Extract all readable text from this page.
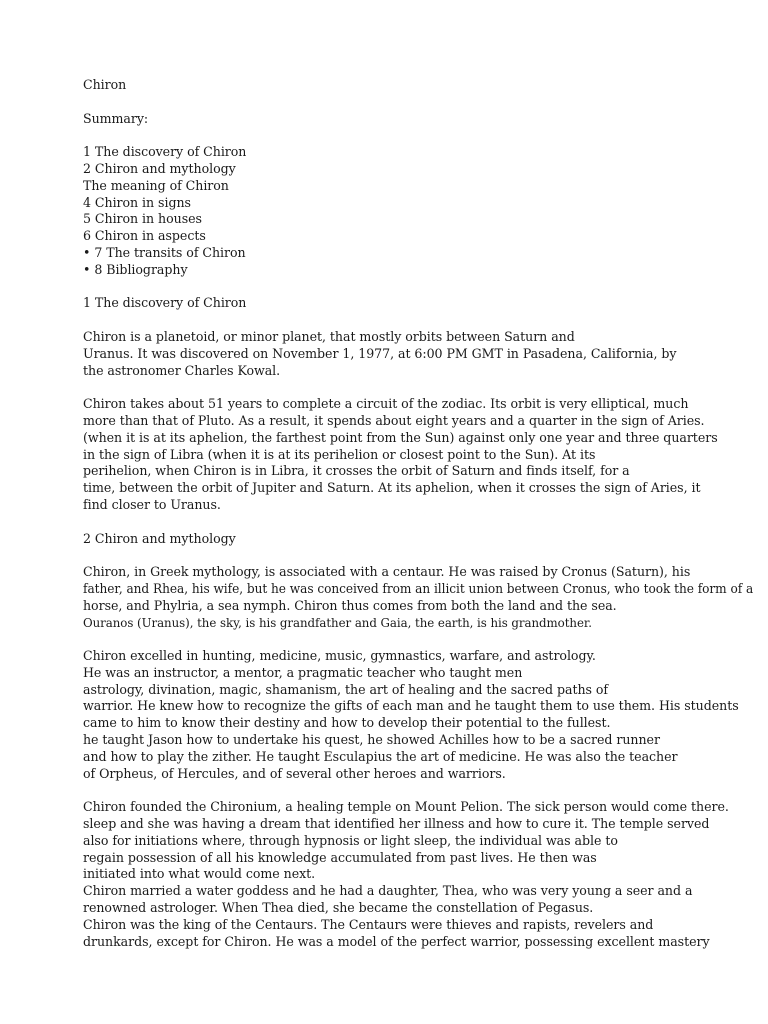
Chiron
Summary:
1 The discovery of Chiron
2 Chiron and mythology
The meaning of Chiron
4 Chiron in signs
5 Chiron in houses
6 Chiron in aspects
• 7 The transits of Chiron
• 8 Bibliography
1 The discovery of Chiron
Chiron is a planetoid, or minor planet, that mostly orbits between Saturn and
Uranus. It was discovered on November 1, 1977, at 6:00 PM GMT in Pasadena, California, by
the astronomer Charles Kowal.
Chiron takes about 51 years to complete a circuit of the zodiac. Its orbit is very elliptical, much
more than that of Pluto. As a result, it spends about eight years and a quarter in the sign of Aries.
(when it is at its aphelion, the farthest point from the Sun) against only one year and three quarters
in the sign of Libra (when it is at its perihelion or closest point to the Sun). At its
perihelion, when Chiron is in Libra, it crosses the orbit of Saturn and finds itself, for a
time, between the orbit of Jupiter and Saturn. At its aphelion, when it crosses the sign of Aries, it
find closer to Uranus.
2 Chiron and mythology
Chiron, in Greek mythology, is associated with a centaur. He was raised by Cronus (Saturn), his
father, and Rhea, his wife, but he was conceived from an illicit union between Cronus, who took the form of a
horse, and Phylria, a sea nymph. Chiron thus comes from both the land and the sea.
Ouranos (Uranus), the sky, is his grandfather and Gaia, the earth, is his grandmother.
Chiron excelled in hunting, medicine, music, gymnastics, warfare, and astrology.
He was an instructor, a mentor, a pragmatic teacher who taught men
astrology, divination, magic, shamanism, the art of healing and the sacred paths of
warrior. He knew how to recognize the gifts of each man and he taught them to use them. His students
came to him to know their destiny and how to develop their potential to the fullest.
he taught Jason how to undertake his quest, he showed Achilles how to be a sacred runner
and how to play the zither. He taught Esculapius the art of medicine. He was also the teacher
of Orpheus, of Hercules, and of several other heroes and warriors.
Chiron founded the Chironium, a healing temple on Mount Pelion. The sick person would come there.
sleep and she was having a dream that identified her illness and how to cure it. The temple served
also for initiations where, through hypnosis or light sleep, the individual was able to
regain possession of all his knowledge accumulated from past lives. He then was
initiated into what would come next.
Chiron married a water goddess and he had a daughter, Thea, who was very young a seer and a
renowned astrologer. When Thea died, she became the constellation of Pegasus.
Chiron was the king of the Centaurs. The Centaurs were thieves and rapists, revelers and
drunkards, except for Chiron. He was a model of the perfect warrior, possessing excellent mastery
